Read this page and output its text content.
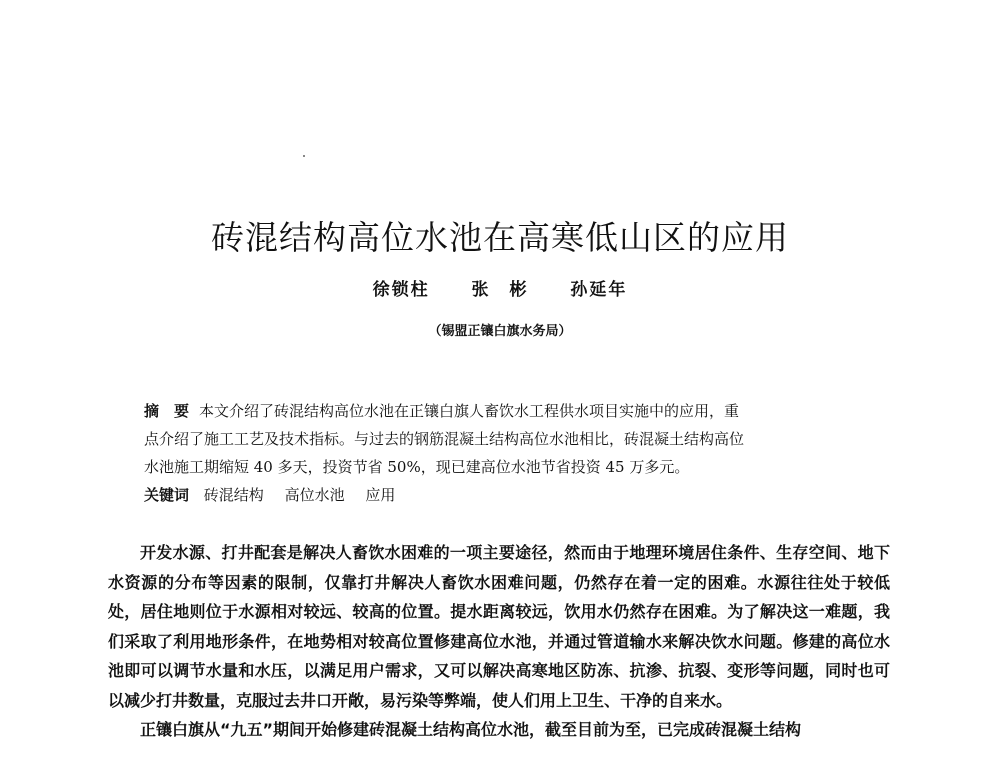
砖混结构高位水池在高寒低山区的应用
徐锁柱 张　彬 孙延年
（锡盟正镶白旗水务局）
摘　要 本文介绍了砖混结构高位水池在正镶白旗人畜饮水工程供水项目实施中的应用，重
点介绍了施工工艺及技术指标。与过去的钢筋混凝土结构高位水池相比，砖混凝土结构高位
水池施工期缩短 40 多天，投资节省 50%，现已建高位水池节省投资 45 万多元。
关键词 砖混结构 高位水池 应用

开发水源、打井配套是解决人畜饮水困难的一项主要途径，然而由于地理环境居住条件、生存空间、地下水资源的分布等因素的限制，仅靠打井解决人畜饮水困难问题，仍然存在着一定的困难。水源往往处于较低处，居住地则位于水源相对较远、较高的位置。提水距离较远，饮用水仍然存在困难。为了解决这一难题，我们采取了利用地形条件，在地势相对较高位置修建高位水池，并通过管道输水来解决饮水问题。修建的高位水池即可以调节水量和水压，以满足用户需求，又可以解决高寒地区防冻、抗渗、抗裂、变形等问题，同时也可以减少打井数量，克服过去井口开敞，易污染等弊端，使人们用上卫生、干净的自来水。

正镶白旗从“九五”期间开始修建砖混凝土结构高位水池，截至目前为至，已完成砖混凝土结构
